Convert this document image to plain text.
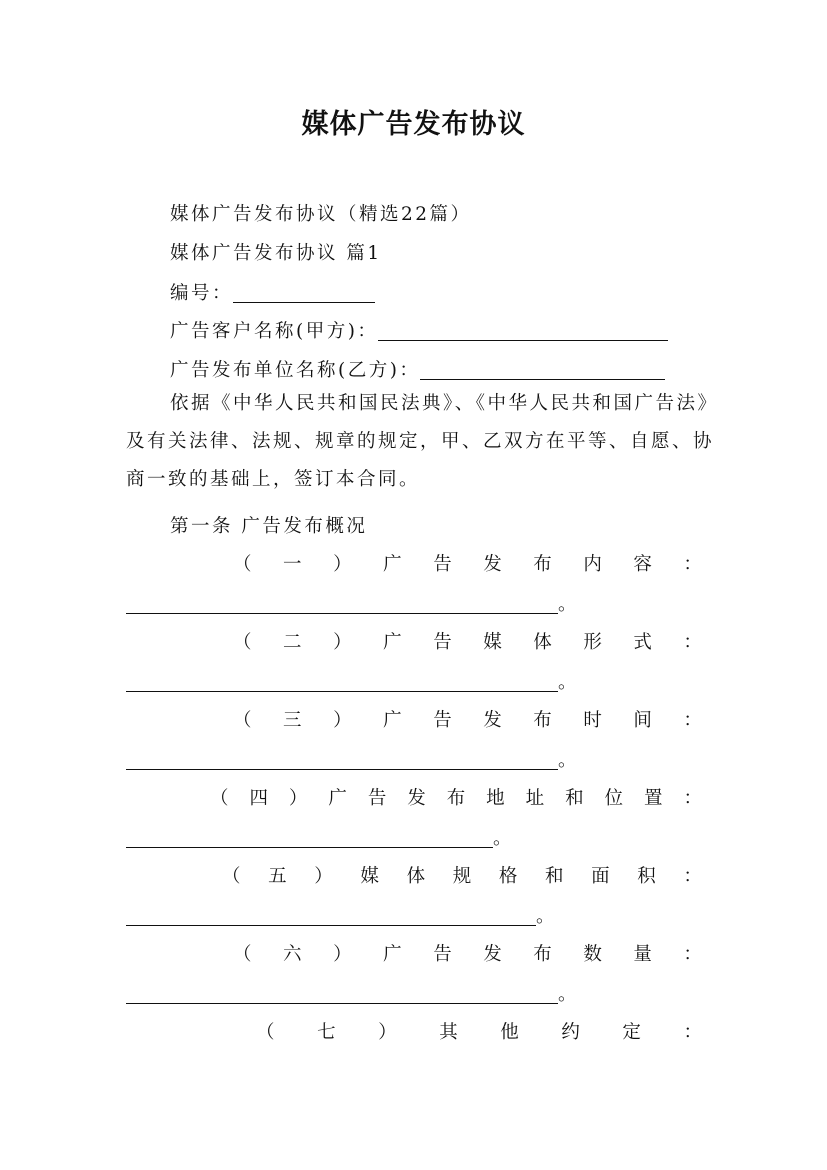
媒体广告发布协议
媒体广告发布协议（精选22篇）
媒体广告发布协议 篇1
编号：
广告客户名称(甲方)：
广告发布单位名称(乙方)：
依据《中华人民共和国民法典》、《中华人民共和国广告法》及有关法律、法规、规章的规定，甲、乙双方在平等、自愿、协商一致的基础上，签订本合同。
第一条 广告发布概况
（ 一 ） 广 告 发 布 内 容 ：
。
（ 二 ） 广 告 媒 体 形 式 ：
。
（ 三 ） 广 告 发 布 时 间 ：
。
（ 四 ） 广 告 发 布 地 址 和 位 置 ：
。
（ 五 ） 媒 体 规 格 和 面 积 ：
。
（ 六 ） 广 告 发 布 数 量 ：
。
（ 七 ） 其 他 约 定 ：
